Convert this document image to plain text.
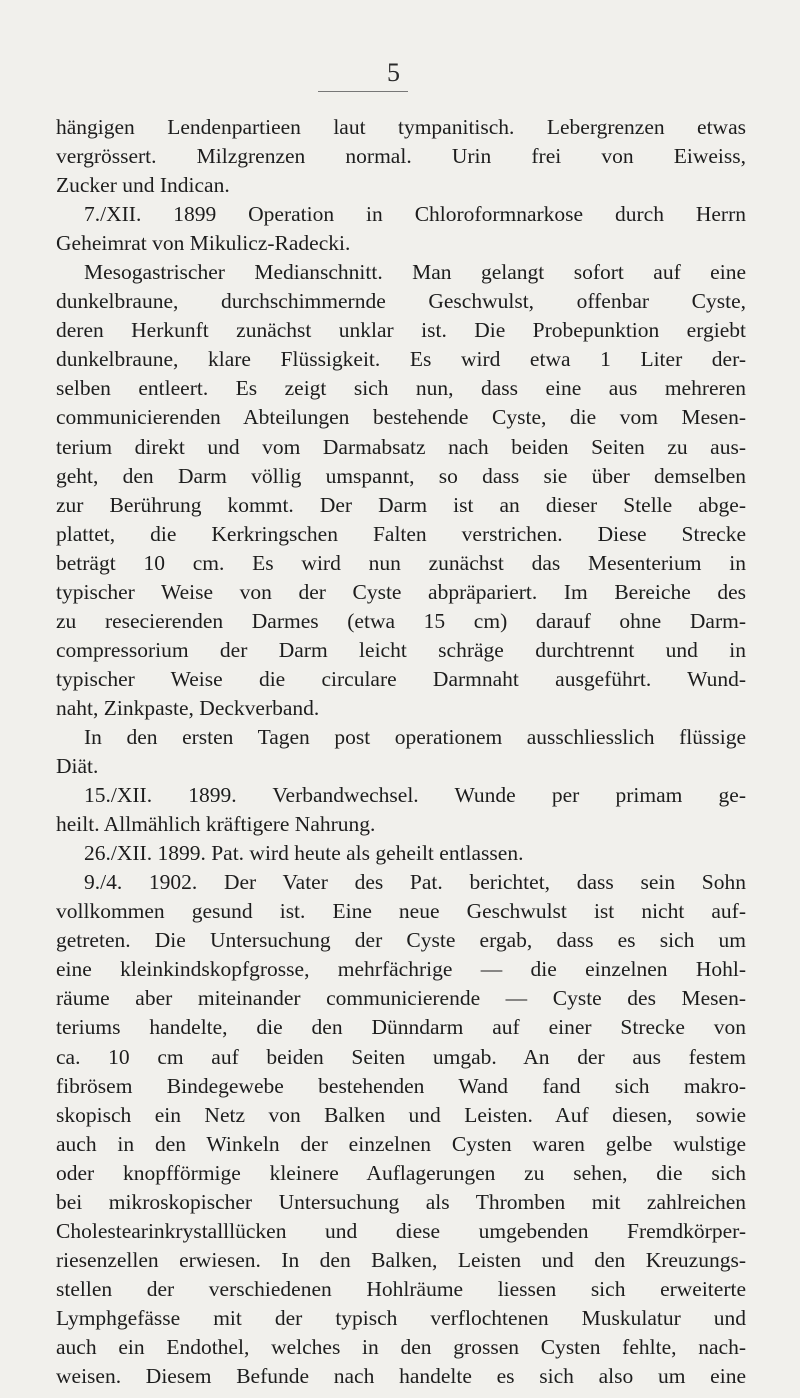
5
hängigen Lendenpartieen laut tympanitisch. Lebergrenzen etwas
vergrössert. Milzgrenzen normal. Urin frei von Eiweiss,
Zucker und Indican.
7./XII. 1899 Operation in Chloroformnarkose durch Herrn
Geheimrat von Mikulicz-Radecki.
Mesogastrischer Medianschnitt. Man gelangt sofort auf eine
dunkelbraune, durchschimmernde Geschwulst, offenbar Cyste,
deren Herkunft zunächst unklar ist. Die Probepunktion ergiebt
dunkelbraune, klare Flüssigkeit. Es wird etwa 1 Liter der-
selben entleert. Es zeigt sich nun, dass eine aus mehreren
communicierenden Abteilungen bestehende Cyste, die vom Mesen-
terium direkt und vom Darmabsatz nach beiden Seiten zu aus-
geht, den Darm völlig umspannt, so dass sie über demselben
zur Berührung kommt. Der Darm ist an dieser Stelle abge-
plattet, die Kerkringschen Falten verstrichen. Diese Strecke
beträgt 10 cm. Es wird nun zunächst das Mesenterium in
typischer Weise von der Cyste abpräpariert. Im Bereiche des
zu resecierenden Darmes (etwa 15 cm) darauf ohne Darm-
compressorium der Darm leicht schräge durchtrennt und in
typischer Weise die circulare Darmnaht ausgeführt. Wund-
naht, Zinkpaste, Deckverband.
In den ersten Tagen post operationem ausschliesslich flüssige
Diät.
15./XII. 1899. Verbandwechsel. Wunde per primam ge-
heilt. Allmählich kräftigere Nahrung.
26./XII. 1899. Pat. wird heute als geheilt entlassen.
9./4. 1902. Der Vater des Pat. berichtet, dass sein Sohn
vollkommen gesund ist. Eine neue Geschwulst ist nicht auf-
getreten. Die Untersuchung der Cyste ergab, dass es sich um
eine kleinkindskopfgrosse, mehrfächrige — die einzelnen Hohl-
räume aber miteinander communicierende — Cyste des Mesen-
teriums handelte, die den Dünndarm auf einer Strecke von
ca. 10 cm auf beiden Seiten umgab. An der aus festem
fibrösem Bindegewebe bestehenden Wand fand sich makro-
skopisch ein Netz von Balken und Leisten. Auf diesen, sowie
auch in den Winkeln der einzelnen Cysten waren gelbe wulstige
oder knopfförmige kleinere Auflagerungen zu sehen, die sich
bei mikroskopischer Untersuchung als Thromben mit zahlreichen
Cholestearinkrystalllücken und diese umgebenden Fremdkörper-
riesenzellen erwiesen. In den Balken, Leisten und den Kreuzungs-
stellen der verschiedenen Hohlräume liessen sich erweiterte
Lymphgefässe mit der typisch verflochtenen Muskulatur und
auch ein Endothel, welches in den grossen Cysten fehlte, nach-
weisen. Diesem Befunde nach handelte es sich also um eine
